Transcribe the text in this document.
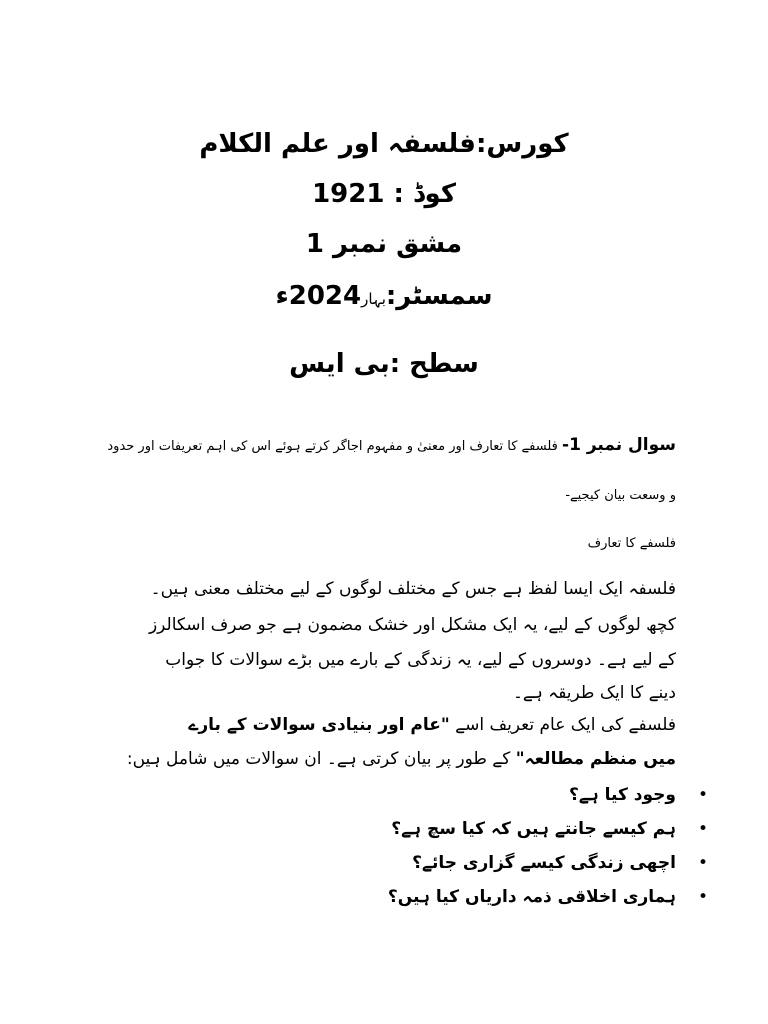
کورس:فلسفہ اور علم الکلام
کوڈ : 1921
مشق نمبر 1
سمسٹر:بہار2024ء
سطح :بی ایس
سوال نمبر 1- فلسفے کا تعارف اور معنیٰ و مفہوم اجاگر کرتے ہوئے اس کی اہم تعریفات اور حدود
و وسعت بیان کیجیے-
فلسفے کا تعارف
فلسفہ ایک ایسا لفظ ہے جس کے مختلف لوگوں کے لیے مختلف معنی ہیں۔
کچھ لوگوں کے لیے، یہ ایک مشکل اور خشک مضمون ہے جو صرف اسکالرز
کے لیے ہے۔ دوسروں کے لیے، یہ زندگی کے بارے میں بڑے سوالات کا جواب
دینے کا ایک طریقہ ہے۔
فلسفے کی ایک عام تعریف اسے "عام اور بنیادی سوالات کے بارے
میں منظم مطالعہ" کے طور پر بیان کرتی ہے۔ ان سوالات میں شامل ہیں:
•
وجود کیا ہے؟
•
ہم کیسے جانتے ہیں کہ کیا سچ ہے؟
•
اچھی زندگی کیسے گزاری جائے؟
•
ہماری اخلاقی ذمہ داریاں کیا ہیں؟
